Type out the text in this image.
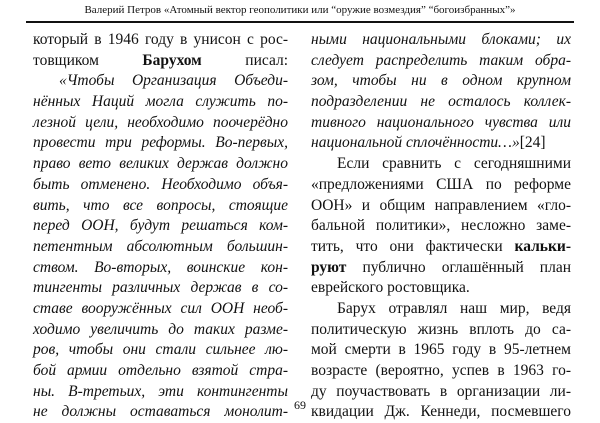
Валерий Петров «Атомный вектор геополитики или “оружие возмездия” “богоизбранных”»
который в 1946 году в унисон с рос-
товщиком Барухом писал:
«Чтобы Организация Объеди-
нённых Наций могла служить по-
лезной цели, необходимо поочерёдно
провести три реформы. Во-первых,
право вето великих держав должно
быть отменено. Необходимо объя-
вить, что все вопросы, стоящие
перед ООН, будут решаться ком-
петентным абсолютным большин-
ством. Во-вторых, воинские кон-
тингенты различных держав в со-
ставе вооружённых сил ООН необ-
ходимо увеличить до таких разме-
ров, чтобы они стали сильнее лю-
бой армии отдельно взятой стра-
ны. В-третьих, эти контингенты
не должны оставаться монолит-
ными национальными блоками; их
следует распределить таким обра-
зом, чтобы ни в одном крупном
подразделении не осталось коллек-
тивного национального чувства или
национальной сплочённости…»[24]
Если сравнить с сегодняшними
«предложениями США по реформе
ООН» и общим направлением «гло-
бальной политики», несложно заме-
тить, что они фактически кальки-
руют публично оглашённый план
еврейского ростовщика.
Барух отравлял наш мир, ведя
политическую жизнь вплоть до са-
мой смерти в 1965 году в 95-летнем
возрасте (вероятно, успев в 1963 го-
ду поучаствовать в организации ли-
квидации Дж. Кеннеди, посмевшего
69
